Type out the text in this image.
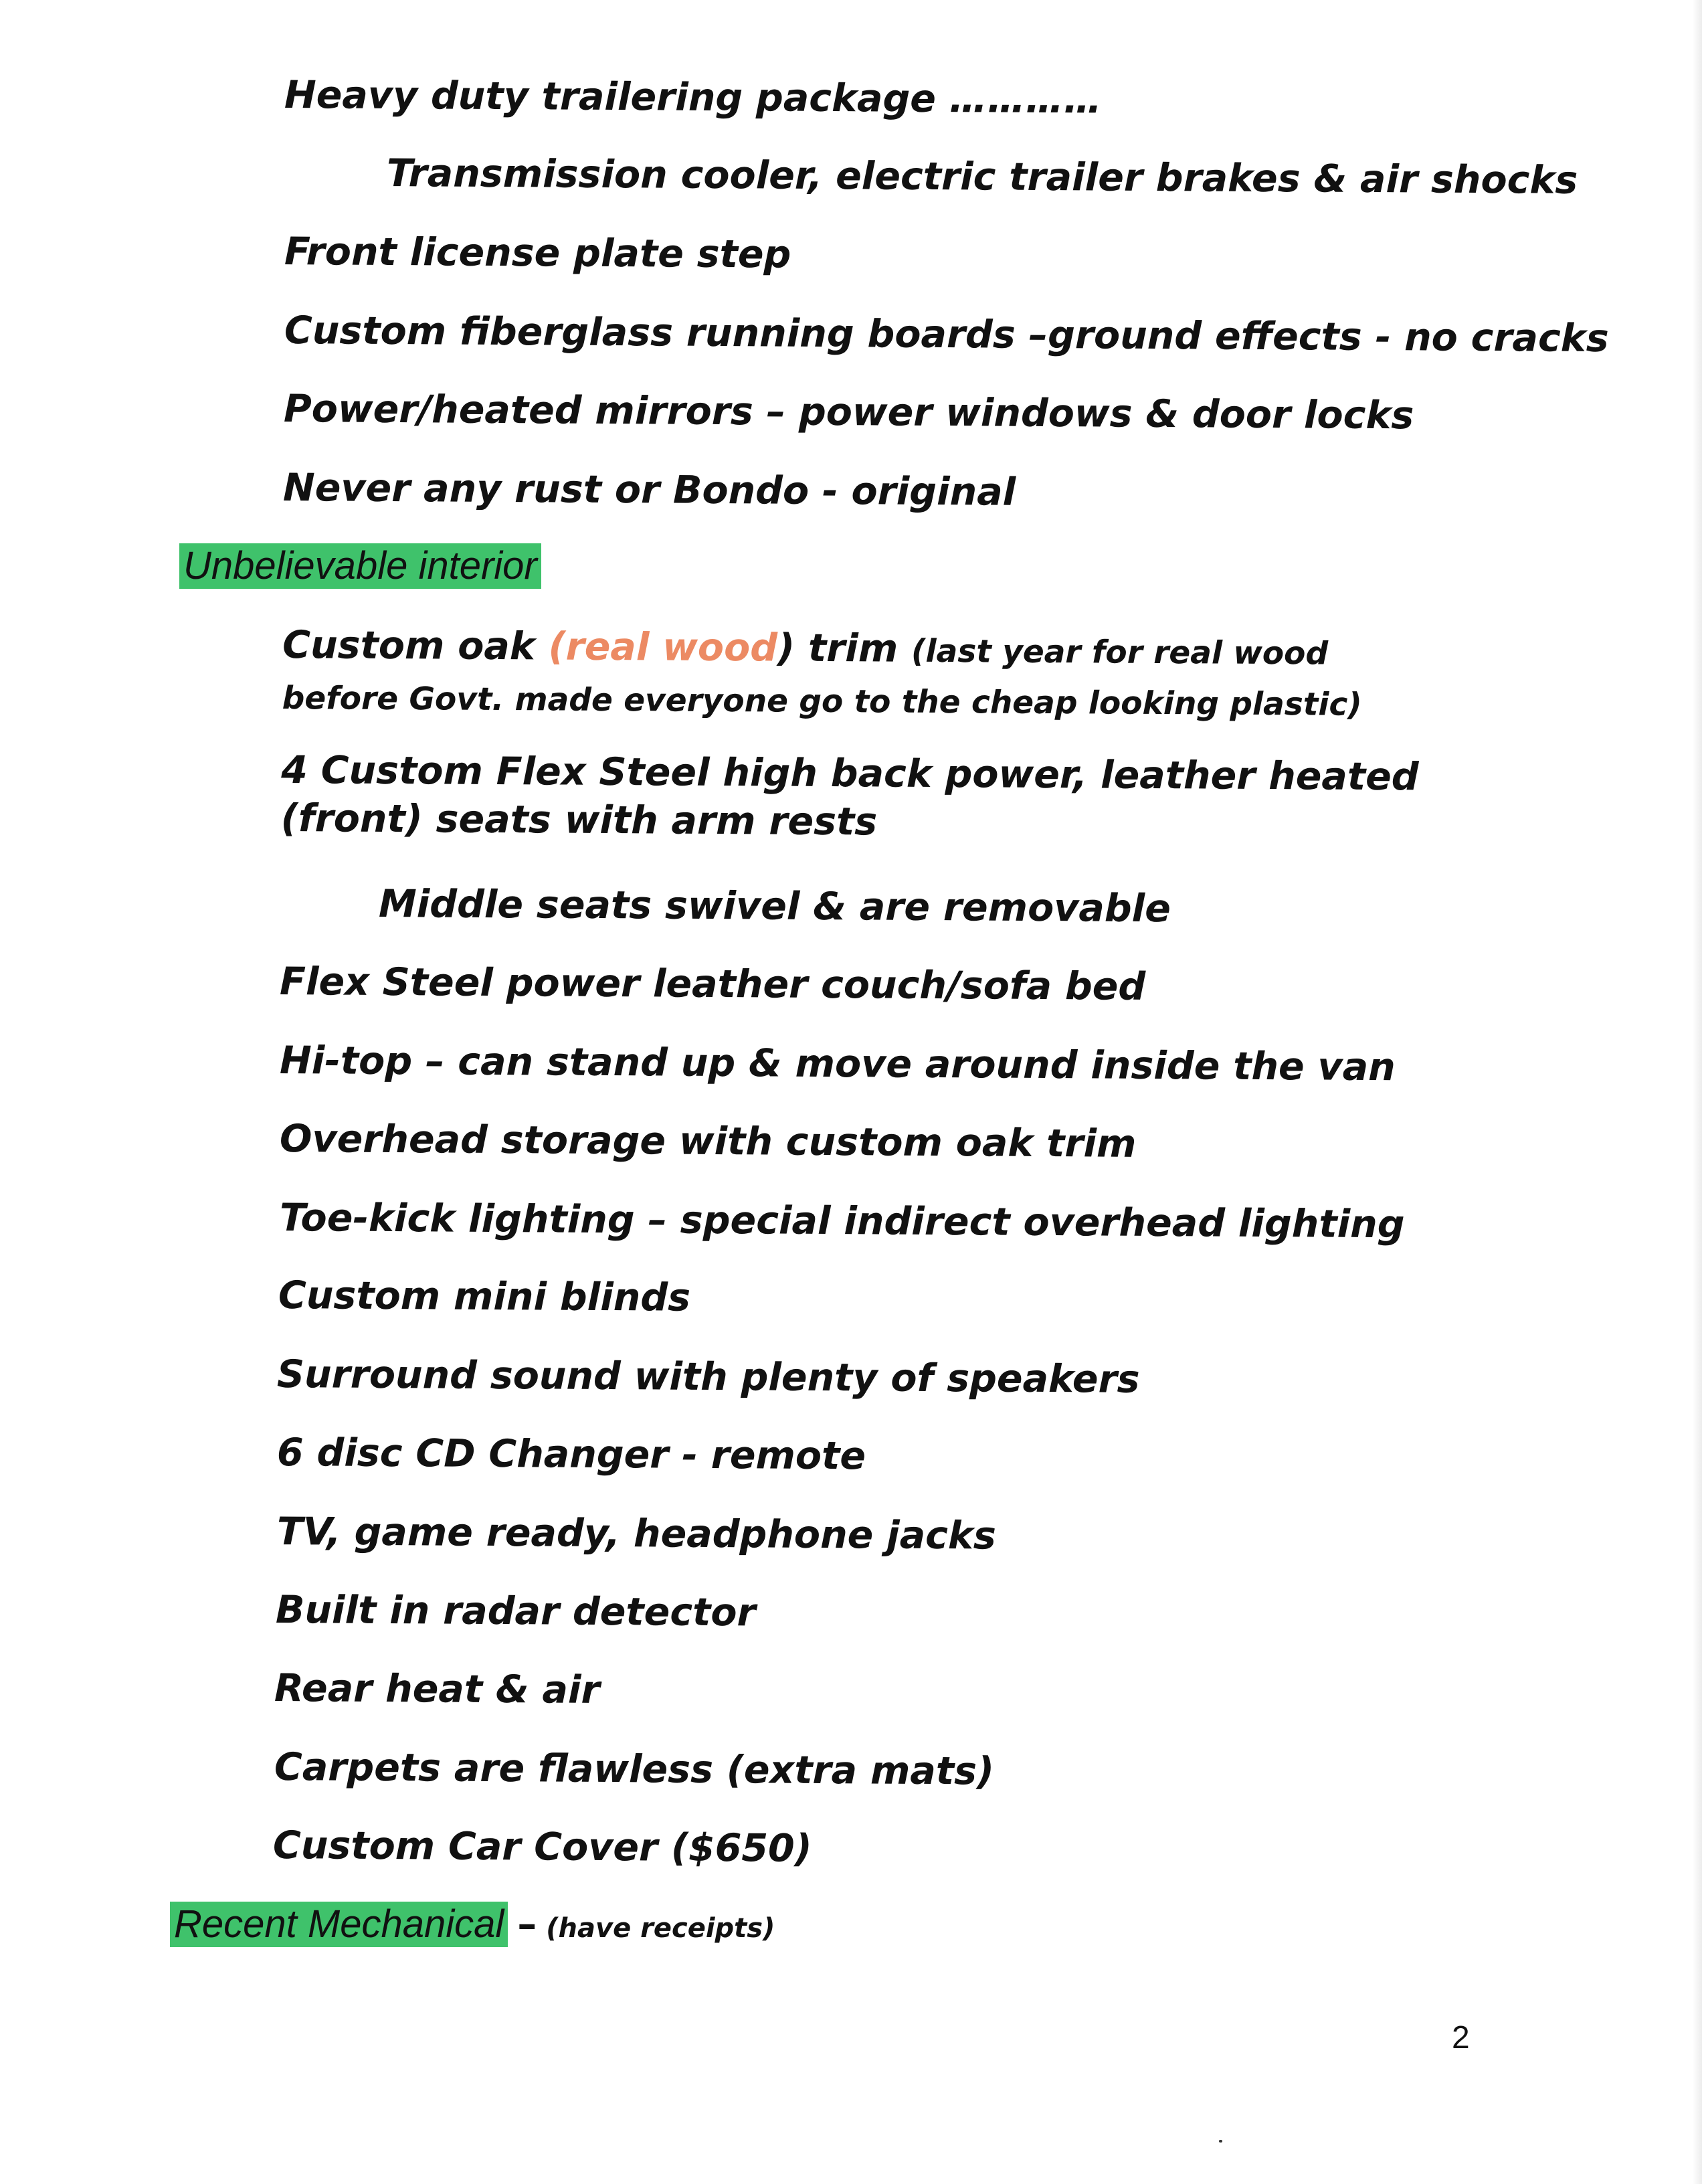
Heavy duty trailering package …………

Transmission cooler, electric trailer brakes & air shocks

Front license plate step

Custom fiberglass running boards –ground effects - no cracks

Power/heated mirrors – power windows & door locks

Never any rust or Bondo - original

Unbelievable interior

Custom oak (real wood) trim (last year for real wood before Govt. made everyone go to the cheap looking plastic)

4 Custom Flex Steel high back power, leather heated (front) seats with arm rests

Middle seats swivel & are removable

Flex Steel power leather couch/sofa bed

Hi-top – can stand up & move around inside the van

Overhead storage with custom oak trim

Toe-kick lighting – special indirect overhead lighting

Custom mini blinds

Surround sound with plenty of speakers

6 disc CD Changer - remote

TV, game ready, headphone jacks

Built in radar detector

Rear heat & air

Carpets are flawless (extra mats)

Custom Car Cover ($650)

Recent Mechanical – (have receipts)

2
